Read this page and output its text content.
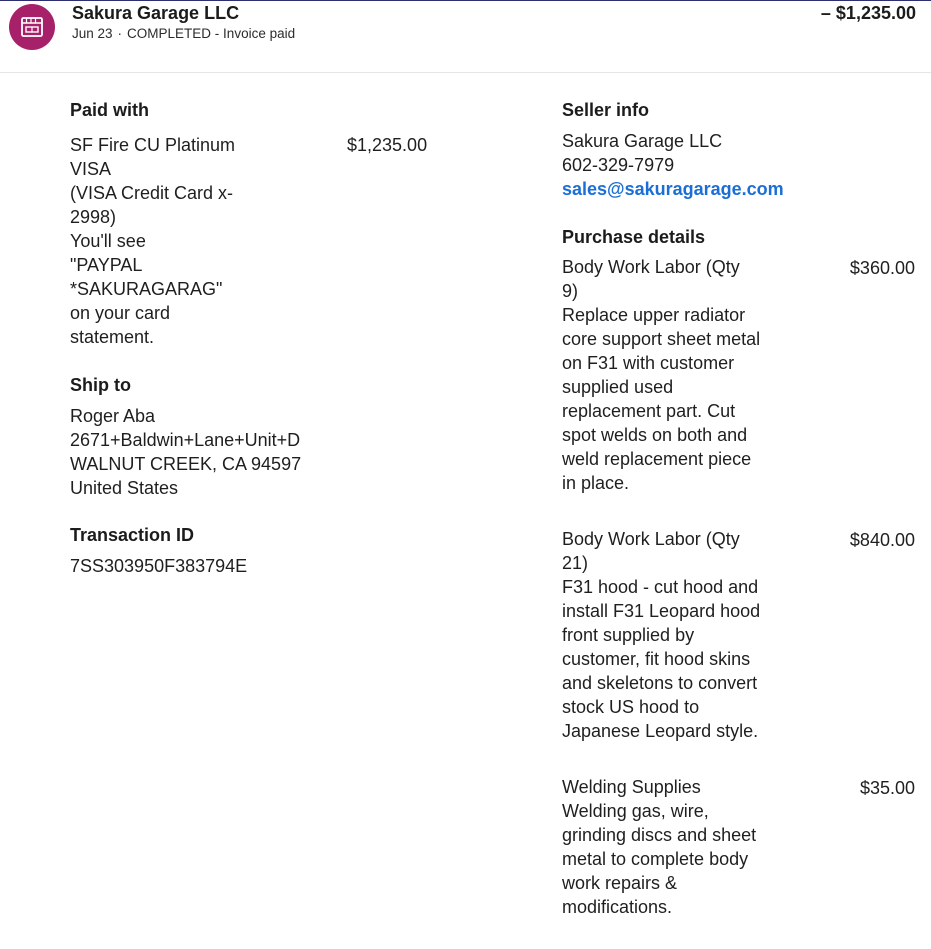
Sakura Garage LLC
Jun 23 · COMPLETED - Invoice paid
– $1,235.00
Paid with
SF Fire CU Platinum
VISA
(VISA Credit Card x-
2998)
You'll see
"PAYPAL
*SAKURAGARAG"
on your card
statement.
$1,235.00
Ship to
Roger Aba
2671+Baldwin+Lane+Unit+D
WALNUT CREEK, CA 94597
United States
Transaction ID
7SS303950F383794E
Seller info
Sakura Garage LLC
602-329-7979
sales@sakuragarage.com
Purchase details
Body Work Labor (Qty
9)
Replace upper radiator
core support sheet metal
on F31 with customer
supplied used
replacement part. Cut
spot welds on both and
weld replacement piece
in place.
$360.00
Body Work Labor (Qty
21)
F31 hood - cut hood and
install F31 Leopard hood
front supplied by
customer, fit hood skins
and skeletons to convert
stock US hood to
Japanese Leopard style.
$840.00
Welding Supplies
Welding gas, wire,
grinding discs and sheet
metal to complete body
work repairs &
modifications.
$35.00
